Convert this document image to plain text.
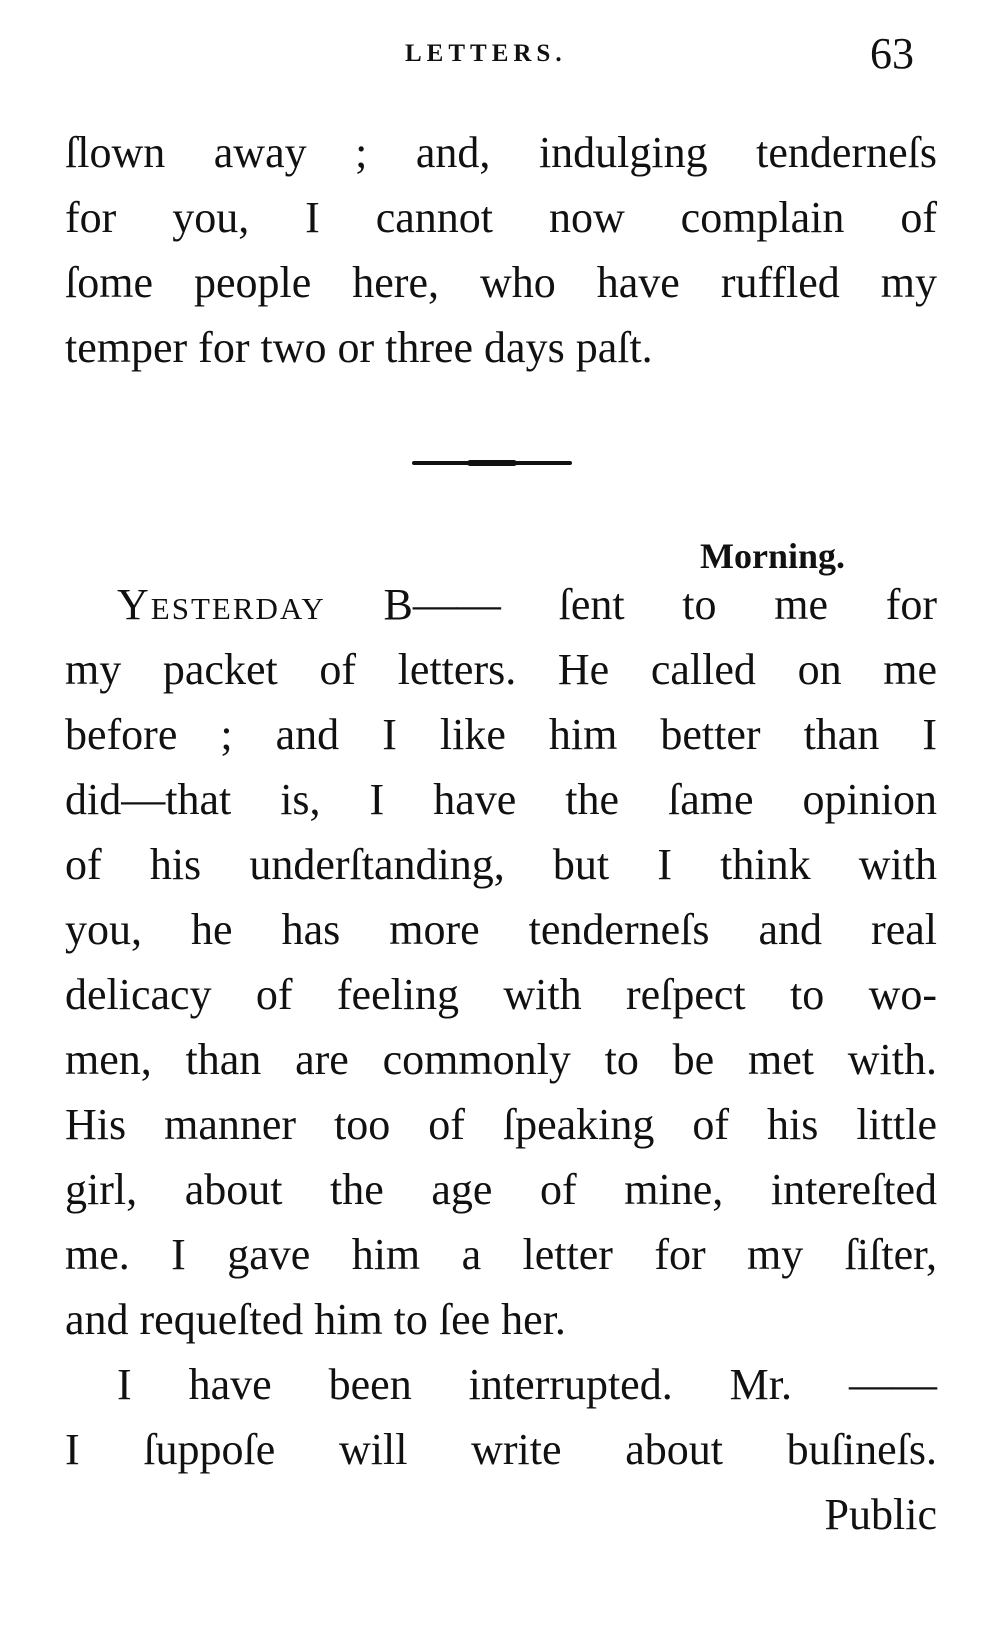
LETTERS.	63
ſlown away ; and, indulging tenderneſs
for you, I cannot now complain of
ſome people here, who have ruffled my
temper for two or three days paſt.
Morning.
Yesterday B—— ſent to me for
my packet of letters. He called on me
before ; and I like him better than I
did—that is, I have the ſame opinion
of his underſtanding, but I think with
you, he has more tenderneſs and real
delicacy of feeling with reſpect to wo-
men, than are commonly to be met with.
His manner too of ſpeaking of his little
girl, about the age of mine, intereſted
me. I gave him a letter for my ſiſter,
and requeſted him to ſee her.
I have been interrupted. Mr. ——
I ſuppoſe will write about buſineſs.
Public
